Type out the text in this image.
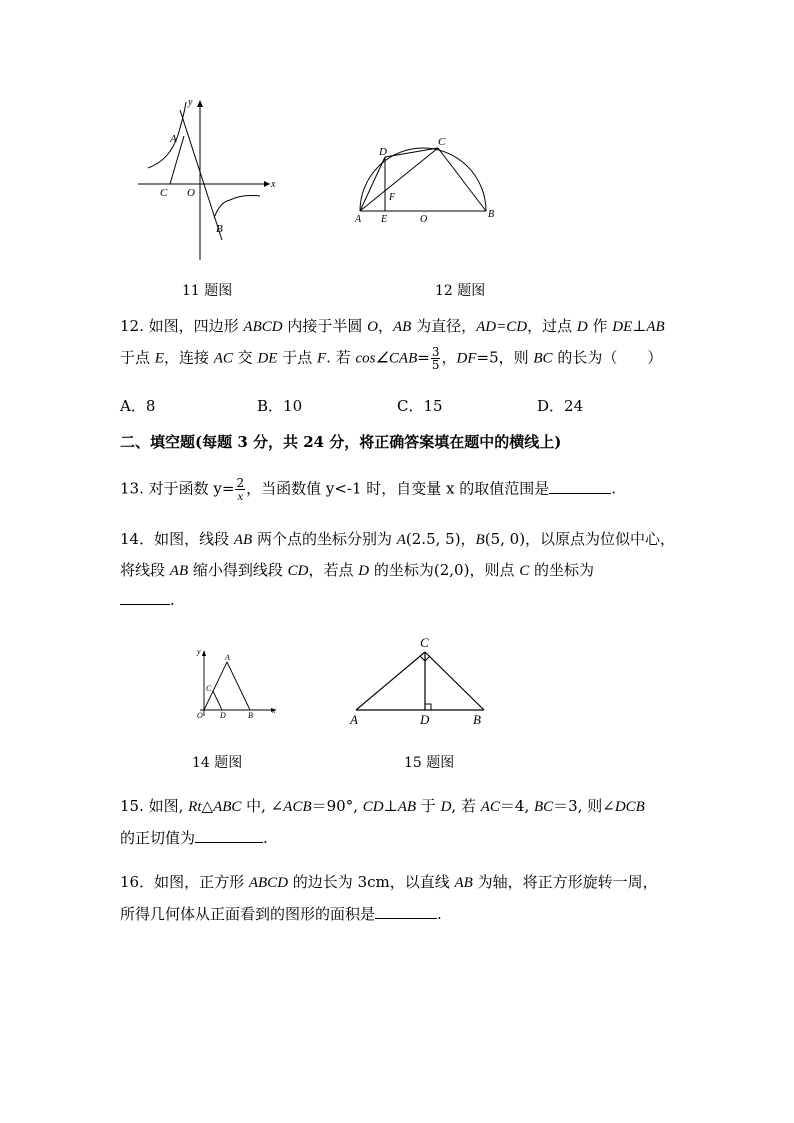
y
x
A
C O
B
11 题图
C
D
F
A E	O	B
12 题图
12. 如图，四边形 ABCD 内接于半圆 O，AB 为直径，AD=CD，过点 D 作 DE⊥AB
于点 E，连接 AC 交 DE 于点 F. 若 cos∠CAB= $\frac{3}{5}$ ，DF=5，则 BC 的长为（　　）
A．8	B．10	C．15	D．24
二、填空题(每题 3 分，共 24 分，将正确答案填在题中的横线上)
13. 对于函数 $y= \frac{2}{x}$ ，当函数值 y<-1 时，自变量 x 的取值范围是	.
14．如图，线段 AB 两个点的坐标分别为 A(2.5, 5)，B(5, 0)，以原点为位似中心，
将线段 AB 缩小得到线段 CD，若点 D 的坐标为(2,0)，则点 C 的坐标为
.
y
x
A
C
O D	B
14 题图
C
A	D	B
15 题图
15. 如图, Rt△ABC 中, ∠ACB＝90°, CD⊥AB 于 D, 若 AC＝4, BC＝3, 则∠DCB
的正切值为	.
16．如图，正方形 ABCD 的边长为 3cm，以直线 AB 为轴，将正方形旋转一周，
所得几何体从正面看到的图形的面积是	.
